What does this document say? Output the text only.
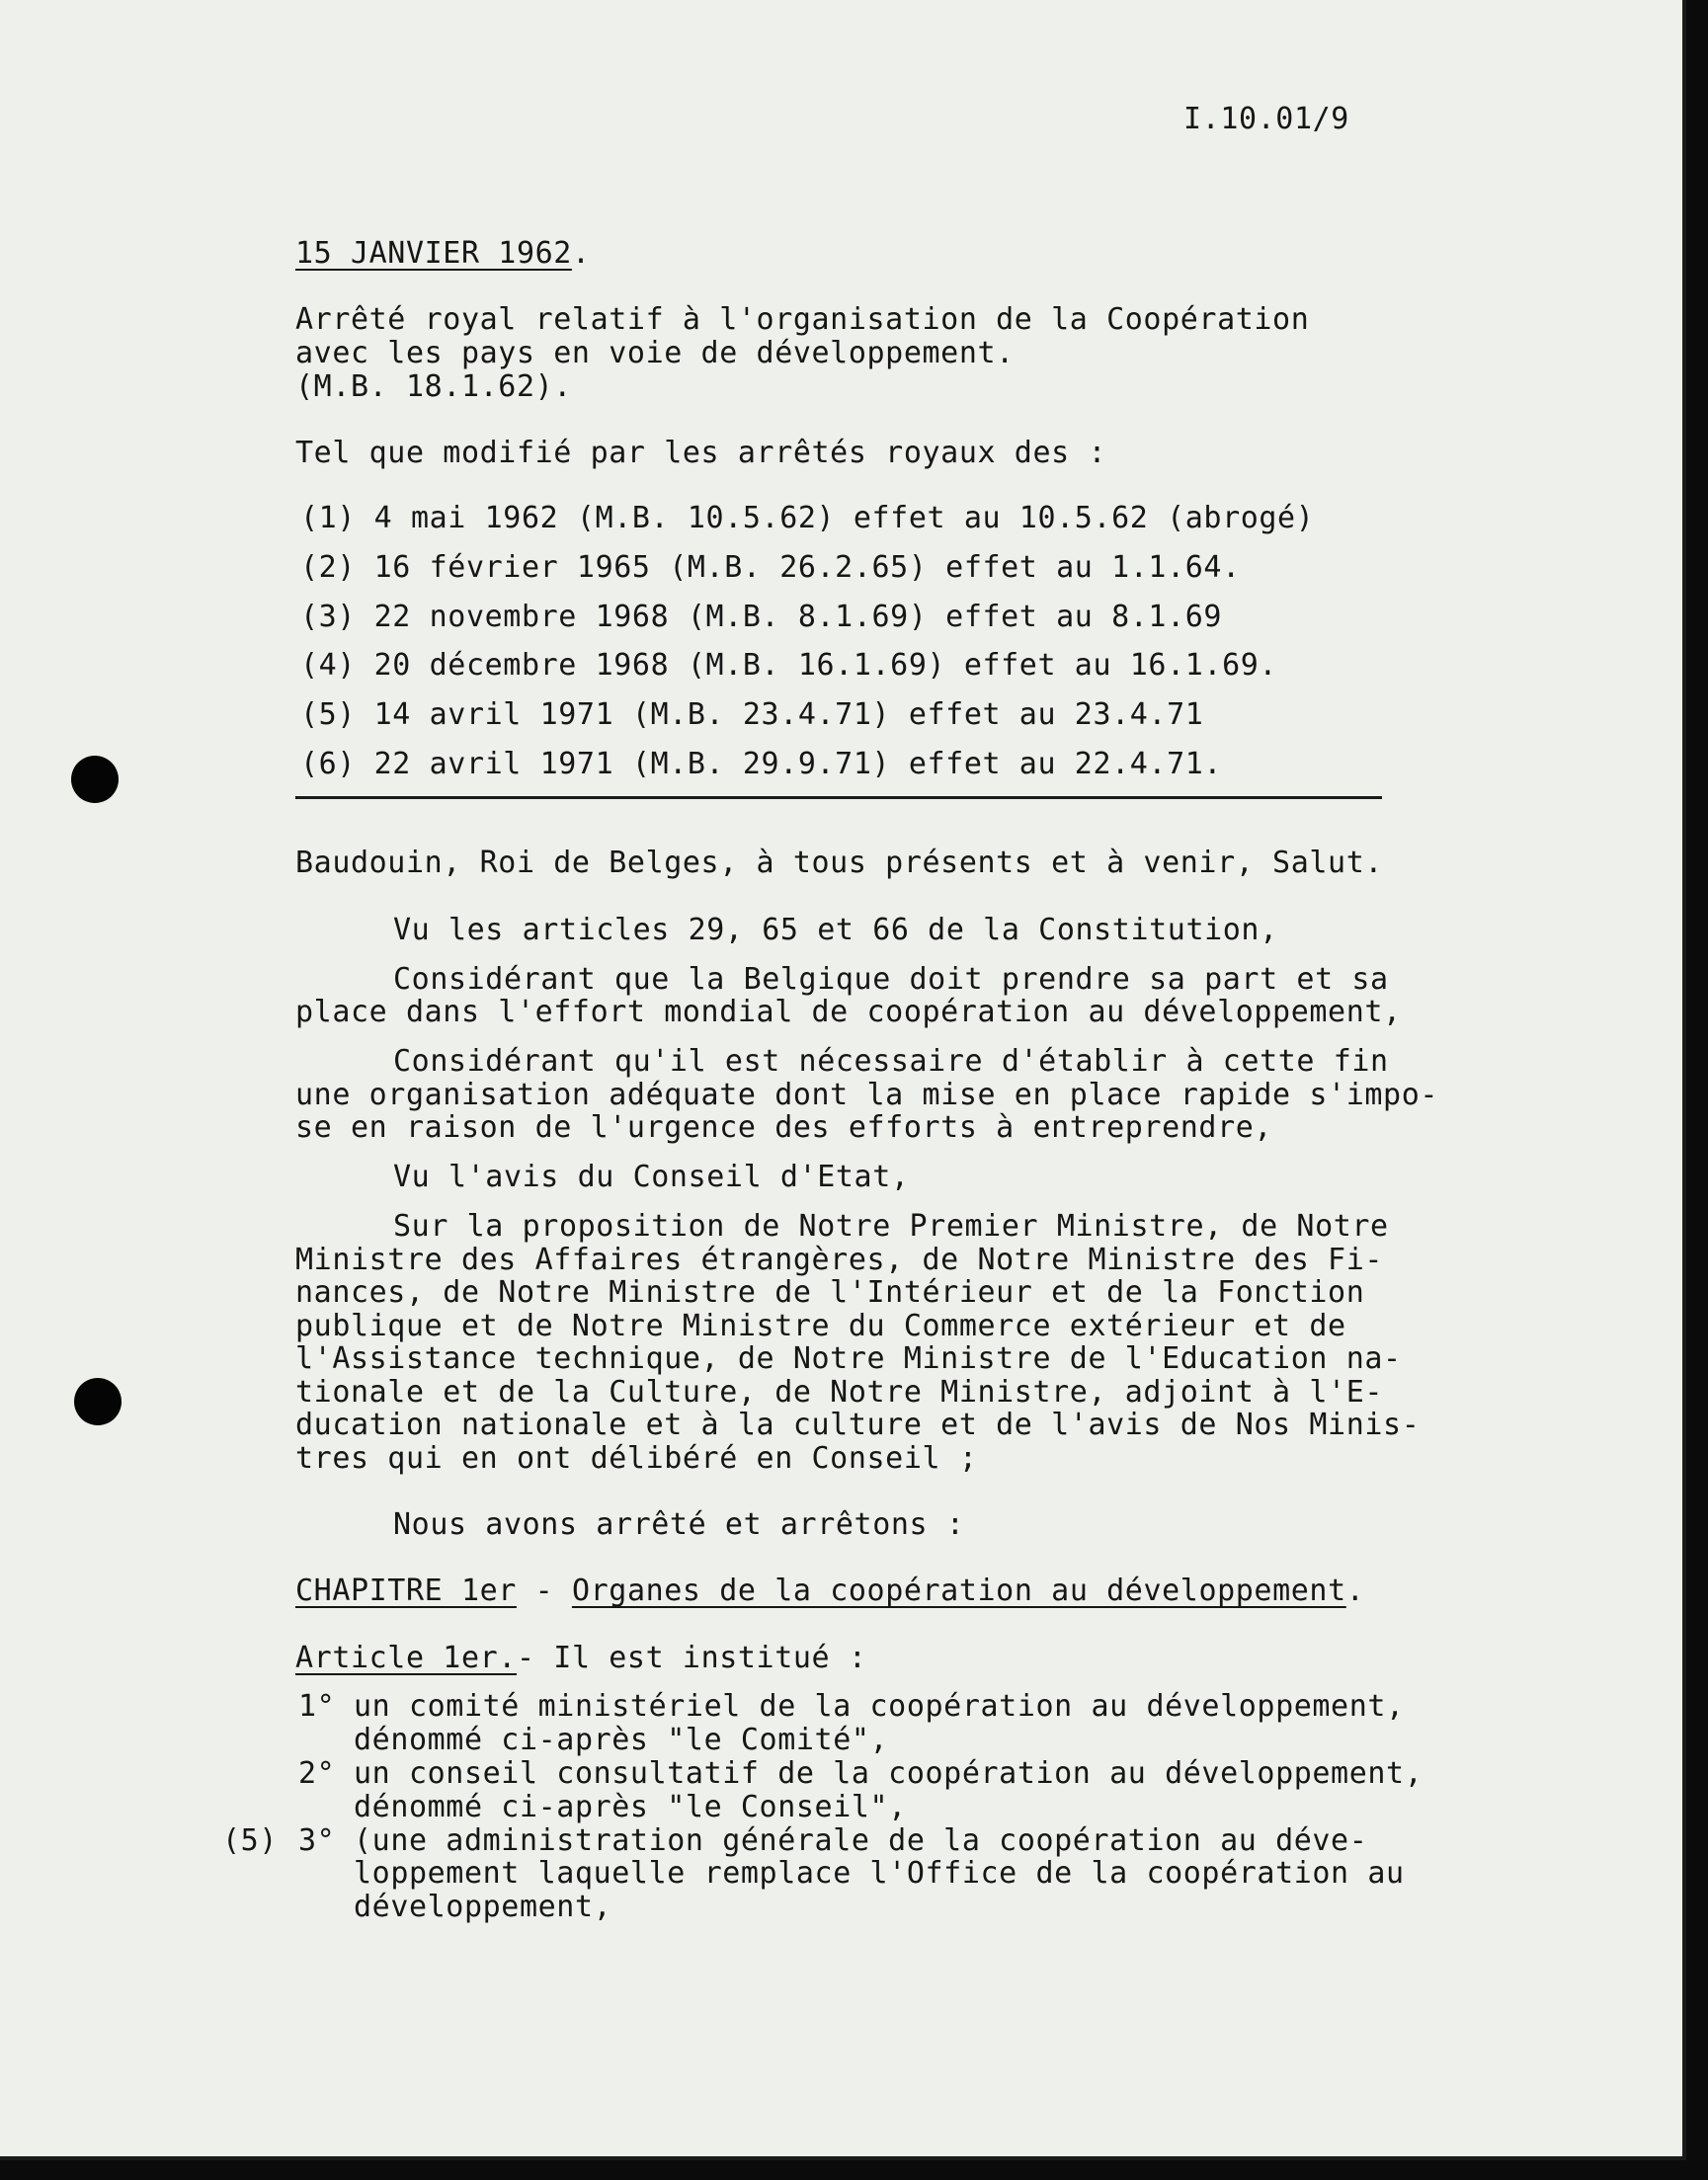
I.10.01/9
15 JANVIER 1962.
Arrêté royal relatif à l'organisation de la Coopération
avec les pays en voie de développement.
(M.B. 18.1.62).
Tel que modifié par les arrêtés royaux des :
(1) 4 mai 1962 (M.B. 10.5.62) effet au 10.5.62 (abrogé)
(2) 16 février 1965 (M.B. 26.2.65) effet au 1.1.64.
(3) 22 novembre 1968 (M.B. 8.1.69) effet au 8.1.69
(4) 20 décembre 1968 (M.B. 16.1.69) effet au 16.1.69.
(5) 14 avril 1971 (M.B. 23.4.71) effet au 23.4.71
(6) 22 avril 1971 (M.B. 29.9.71) effet au 22.4.71.
Baudouin, Roi de Belges, à tous présents et à venir, Salut.
Vu les articles 29, 65 et 66 de la Constitution,
Considérant que la Belgique doit prendre sa part et sa
place dans l'effort mondial de coopération au développement,
Considérant qu'il est nécessaire d'établir à cette fin
une organisation adéquate dont la mise en place rapide s'impo-
se en raison de l'urgence des efforts à entreprendre,
Vu l'avis du Conseil d'Etat,
Sur la proposition de Notre Premier Ministre, de Notre
Ministre des Affaires étrangères, de Notre Ministre des Fi-
nances, de Notre Ministre de l'Intérieur et de la Fonction
publique et de Notre Ministre du Commerce extérieur et de
l'Assistance technique, de Notre Ministre de l'Education na-
tionale et de la Culture, de Notre Ministre, adjoint à l'E-
ducation nationale et à la culture et de l'avis de Nos Minis-
tres qui en ont délibéré en Conseil ;
Nous avons arrêté et arrêtons :
CHAPITRE 1er - Organes de la coopération au développement.
Article 1er.- Il est institué :
1° un comité ministériel de la coopération au développement,
dénommé ci-après "le Comité",
2° un conseil consultatif de la coopération au développement,
dénommé ci-après "le Conseil",
(5) 3° (une administration générale de la coopération au déve-
loppement laquelle remplace l'Office de la coopération au
développement,
